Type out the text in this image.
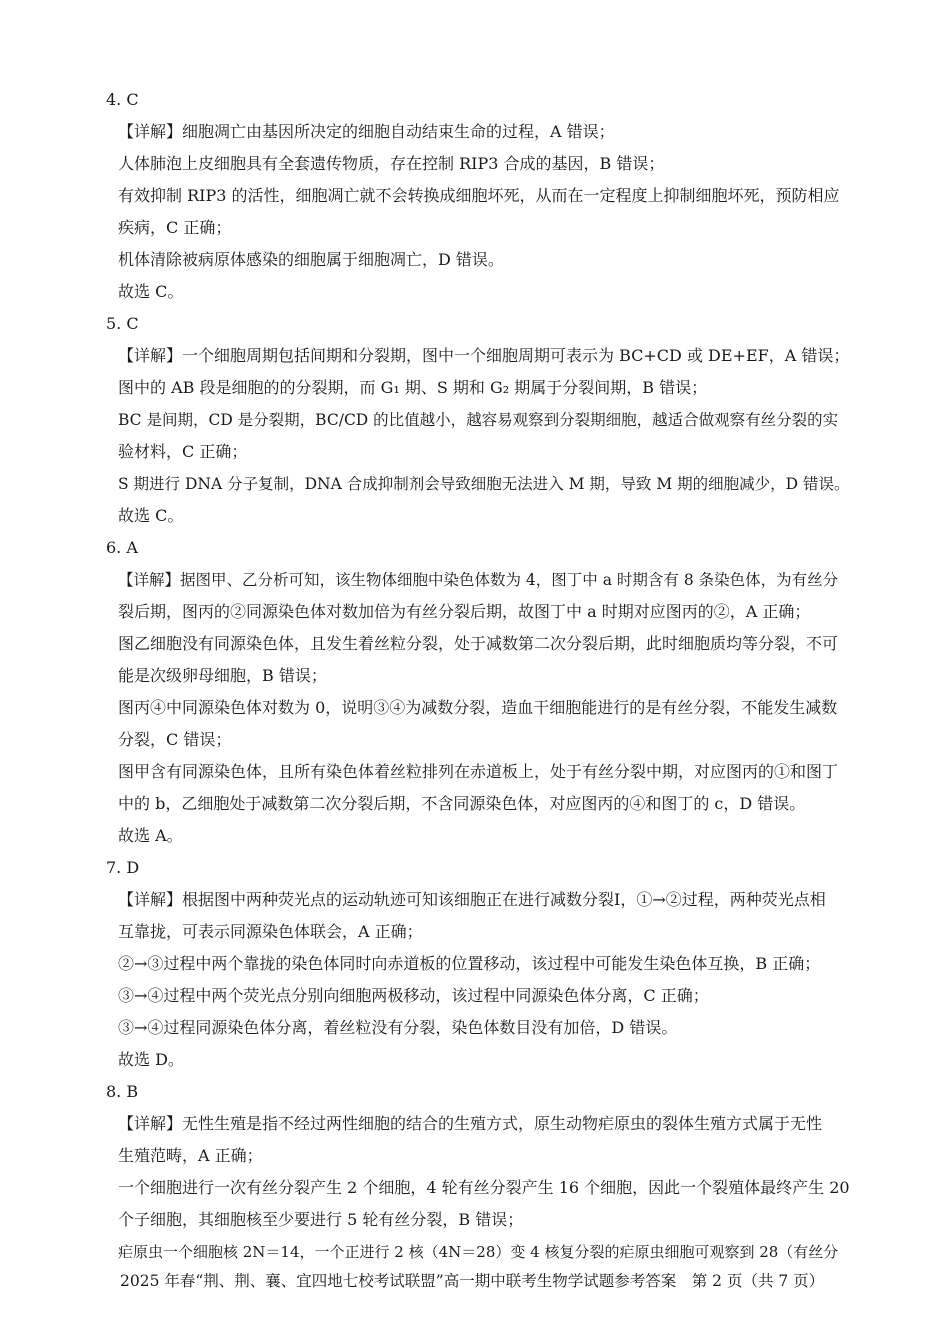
4. C
【详解】细胞凋亡由基因所决定的细胞自动结束生命的过程，A 错误；
人体肺泡上皮细胞具有全套遗传物质，存在控制 RIP3 合成的基因，B 错误；
有效抑制 RIP3 的活性，细胞凋亡就不会转换成细胞坏死，从而在一定程度上抑制细胞坏死，预防相应
疾病，C 正确；
机体清除被病原体感染的细胞属于细胞凋亡，D 错误。
故选 C。
5. C
【详解】一个细胞周期包括间期和分裂期，图中一个细胞周期可表示为 BC+CD 或 DE+EF，A 错误；
图中的 AB 段是细胞的的分裂期，而 G₁ 期、S 期和 G₂ 期属于分裂间期，B 错误；
BC 是间期，CD 是分裂期，BC/CD 的比值越小，越容易观察到分裂期细胞，越适合做观察有丝分裂的实
验材料，C 正确；
S 期进行 DNA 分子复制，DNA 合成抑制剂会导致细胞无法进入 M 期，导致 M 期的细胞减少，D 错误。
故选 C。
6. A
【详解】据图甲、乙分析可知，该生物体细胞中染色体数为 4，图丁中 a 时期含有 8 条染色体，为有丝分
裂后期，图丙的②同源染色体对数加倍为有丝分裂后期，故图丁中 a 时期对应图丙的②，A 正确；
图乙细胞没有同源染色体，且发生着丝粒分裂，处于减数第二次分裂后期，此时细胞质均等分裂，不可
能是次级卵母细胞，B 错误；
图丙④中同源染色体对数为 0，说明③④为减数分裂，造血干细胞能进行的是有丝分裂，不能发生减数
分裂，C 错误；
图甲含有同源染色体，且所有染色体着丝粒排列在赤道板上，处于有丝分裂中期，对应图丙的①和图丁
中的 b，乙细胞处于减数第二次分裂后期，不含同源染色体，对应图丙的④和图丁的 c，D 错误。
故选 A。
7. D
【详解】根据图中两种荧光点的运动轨迹可知该细胞正在进行减数分裂Ⅰ，①→②过程，两种荧光点相
互靠拢，可表示同源染色体联会，A 正确；
②→③过程中两个靠拢的染色体同时向赤道板的位置移动，该过程中可能发生染色体互换，B 正确；
③→④过程中两个荧光点分别向细胞两极移动，该过程中同源染色体分离，C 正确；
③→④过程同源染色体分离，着丝粒没有分裂，染色体数目没有加倍，D 错误。
故选 D。
8. B
【详解】无性生殖是指不经过两性细胞的结合的生殖方式，原生动物疟原虫的裂体生殖方式属于无性
生殖范畴，A 正确；
一个细胞进行一次有丝分裂产生 2 个细胞，4 轮有丝分裂产生 16 个细胞，因此一个裂殖体最终产生 20
个子细胞，其细胞核至少要进行 5 轮有丝分裂，B 错误；
疟原虫一个细胞核 2N＝14，一个正进行 2 核（4N＝28）变 4 核复分裂的疟原虫细胞可观察到 28（有丝分
2025 年春“荆、荆、襄、宜四地七校考试联盟”高一期中联考生物学试题参考答案　第 2 页（共 7 页）
